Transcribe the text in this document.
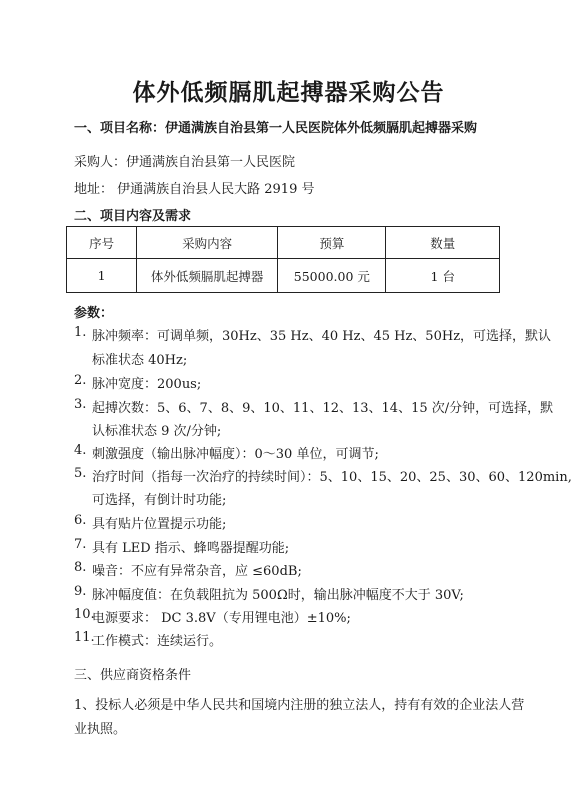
体外低频膈肌起搏器采购公告
一、项目名称：伊通满族自治县第一人民医院体外低频膈肌起搏器采购
采购人：伊通满族自治县第一人民医院
地址： 伊通满族自治县人民大路 2919 号
二、项目内容及需求
序号	采购内容	预算	数量
1	体外低频膈肌起搏器	55000.00 元	1 台
参数：
1. 脉冲频率：可调单频，30Hz、35 Hz、40 Hz、45 Hz、50Hz，可选择，默认
标准状态 40Hz;
2. 脉冲宽度：200us;
3. 起搏次数：5、6、7、8、9、10、11、12、13、14、15 次/分钟，可选择，默
认标准状态 9 次/分钟;
4. 刺激强度（输出脉冲幅度）：0～30 单位，可调节;
5. 治疗时间（指每一次治疗的持续时间）：5、10、15、20、25、30、60、120min,
可选择，有倒计时功能;
6. 具有贴片位置提示功能;
7. 具有 LED 指示、蜂鸣器提醒功能;
8. 噪音：不应有异常杂音，应 ≤60dB;
9. 脉冲幅度值：在负载阻抗为 500Ω时，输出脉冲幅度不大于 30V;
10.
电源要求： DC 3.8V（专用锂电池）±10%;
11.
工作模式：连续运行。
三、供应商资格条件
1、投标人必须是中华人民共和国境内注册的独立法人，持有有效的企业法人营
业执照。
